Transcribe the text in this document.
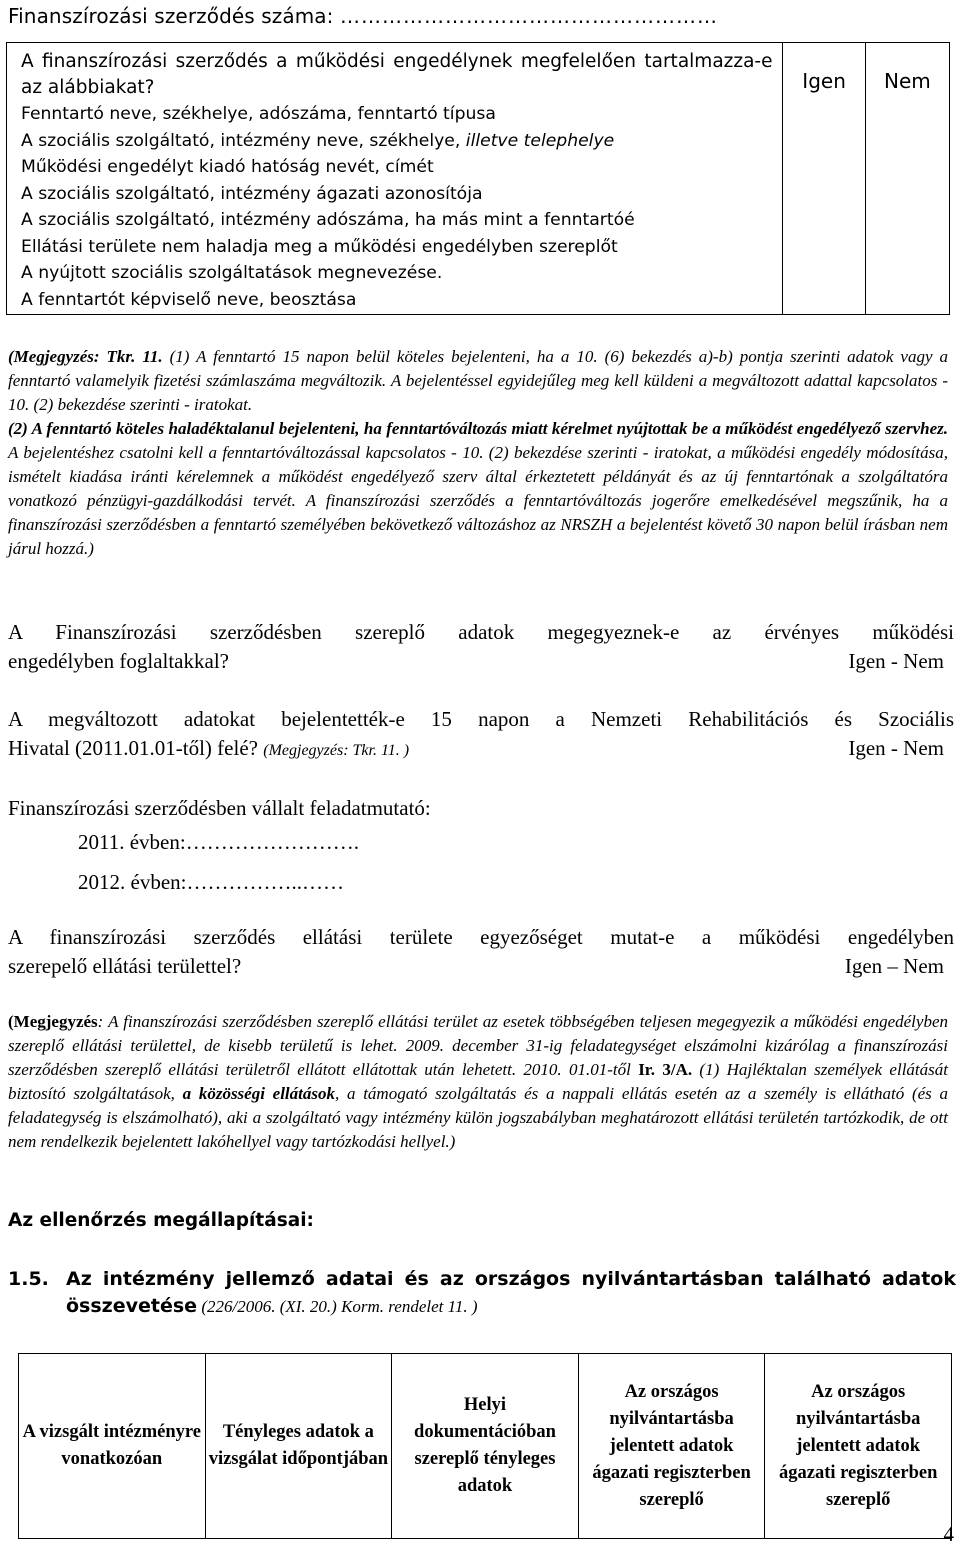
Finanszírozási szerződés száma: ………………………………………………
A finanszírozási szerződés a működési engedélynek megfelelően tartalmazza-e az alábbiakat?
Fenntartó neve, székhelye, adószáma, fenntartó típusa
A szociális szolgáltató, intézmény neve, székhelye, illetve telephelye
Működési engedélyt kiadó hatóság nevét, címét
A szociális szolgáltató, intézmény ágazati azonosítója
A szociális szolgáltató, intézmény adószáma, ha más mint a fenntartóé
Ellátási területe nem haladja meg a működési engedélyben szereplőt
A nyújtott szociális szolgáltatások megnevezése.
A fenntartót képviselő neve, beosztása
	Igen	Nem
(Megjegyzés: Tkr. 11. (1) A fenntartó 15 napon belül köteles bejelenteni, ha a 10. (6) bekezdés a)-b) pontja szerinti adatok vagy a fenntartó valamelyik fizetési számlaszáma megváltozik. A bejelentéssel egyidejűleg meg kell küldeni a megváltozott adattal kapcsolatos - 10. (2) bekezdése szerinti - iratokat.
(2) A fenntartó köteles haladéktalanul bejelenteni, ha fenntartóváltozás miatt kérelmet nyújtottak be a működést engedélyező szervhez. A bejelentéshez csatolni kell a fenntartóváltozással kapcsolatos - 10. (2) bekezdése szerinti - iratokat, a működési engedély módosítása, ismételt kiadása iránti kérelemnek a működést engedélyező szerv által érkeztetett példányát és az új fenntartónak a szolgáltatóra vonatkozó pénzügyi-gazdálkodási tervét. A finanszírozási szerződés a fenntartóváltozás jogerőre emelkedésével megszűnik, ha a finanszírozási szerződésben a fenntartó személyében bekövetkező változáshoz az NRSZH a bejelentést követő 30 napon belül írásban nem járul hozzá.)
A Finanszírozási szerződésben szereplő adatok megegyeznek-e az érvényes működési
engedélyben foglaltakkal?	Igen - Nem
A megváltozott adatokat bejelentették-e 15 napon a Nemzeti Rehabilitációs és Szociális
Hivatal (2011.01.01-től) felé? (Megjegyzés: Tkr. 11. )	Igen - Nem
Finanszírozási szerződésben vállalt feladatmutató:
2011. évben:…………………….
2012. évben:……………..……
A finanszírozási szerződés ellátási területe egyezőséget mutat-e a működési engedélyben
szerepelő ellátási területtel?	Igen – Nem
(Megjegyzés: A finanszírozási szerződésben szereplő ellátási terület az esetek többségében teljesen megegyezik a működési engedélyben szereplő ellátási területtel, de kisebb területű is lehet. 2009. december 31-ig feladategységet elszámolni kizárólag a finanszírozási szerződésben szereplő ellátási területről ellátott ellátottak után lehetett. 2010. 01.01-től Ir. 3/A. (1) Hajléktalan személyek ellátását biztosító szolgáltatások, a közösségi ellátások, a támogató szolgáltatás és a nappali ellátás esetén az a személy is ellátható (és a feladategység is elszámolható), aki a szolgáltató vagy intézmény külön jogszabályban meghatározott ellátási területén tartózkodik, de ott nem rendelkezik bejelentett lakóhellyel vagy tartózkodási hellyel.)
Az ellenőrzés megállapításai:
1.5. Az intézmény jellemző adatai és az országos nyilvántartásban található adatok
összevetése (226/2006. (XI. 20.) Korm. rendelet 11. )
A vizsgált intézményre vonatkozóan	Tényleges adatok a vizsgálat időpontjában	Helyi dokumentációban szereplő tényleges adatok	Az országos nyilvántartásba jelentett adatok ágazati regiszterben szereplő	Az országos nyilvántartásba jelentett adatok ágazati regiszterben szereplő
4
